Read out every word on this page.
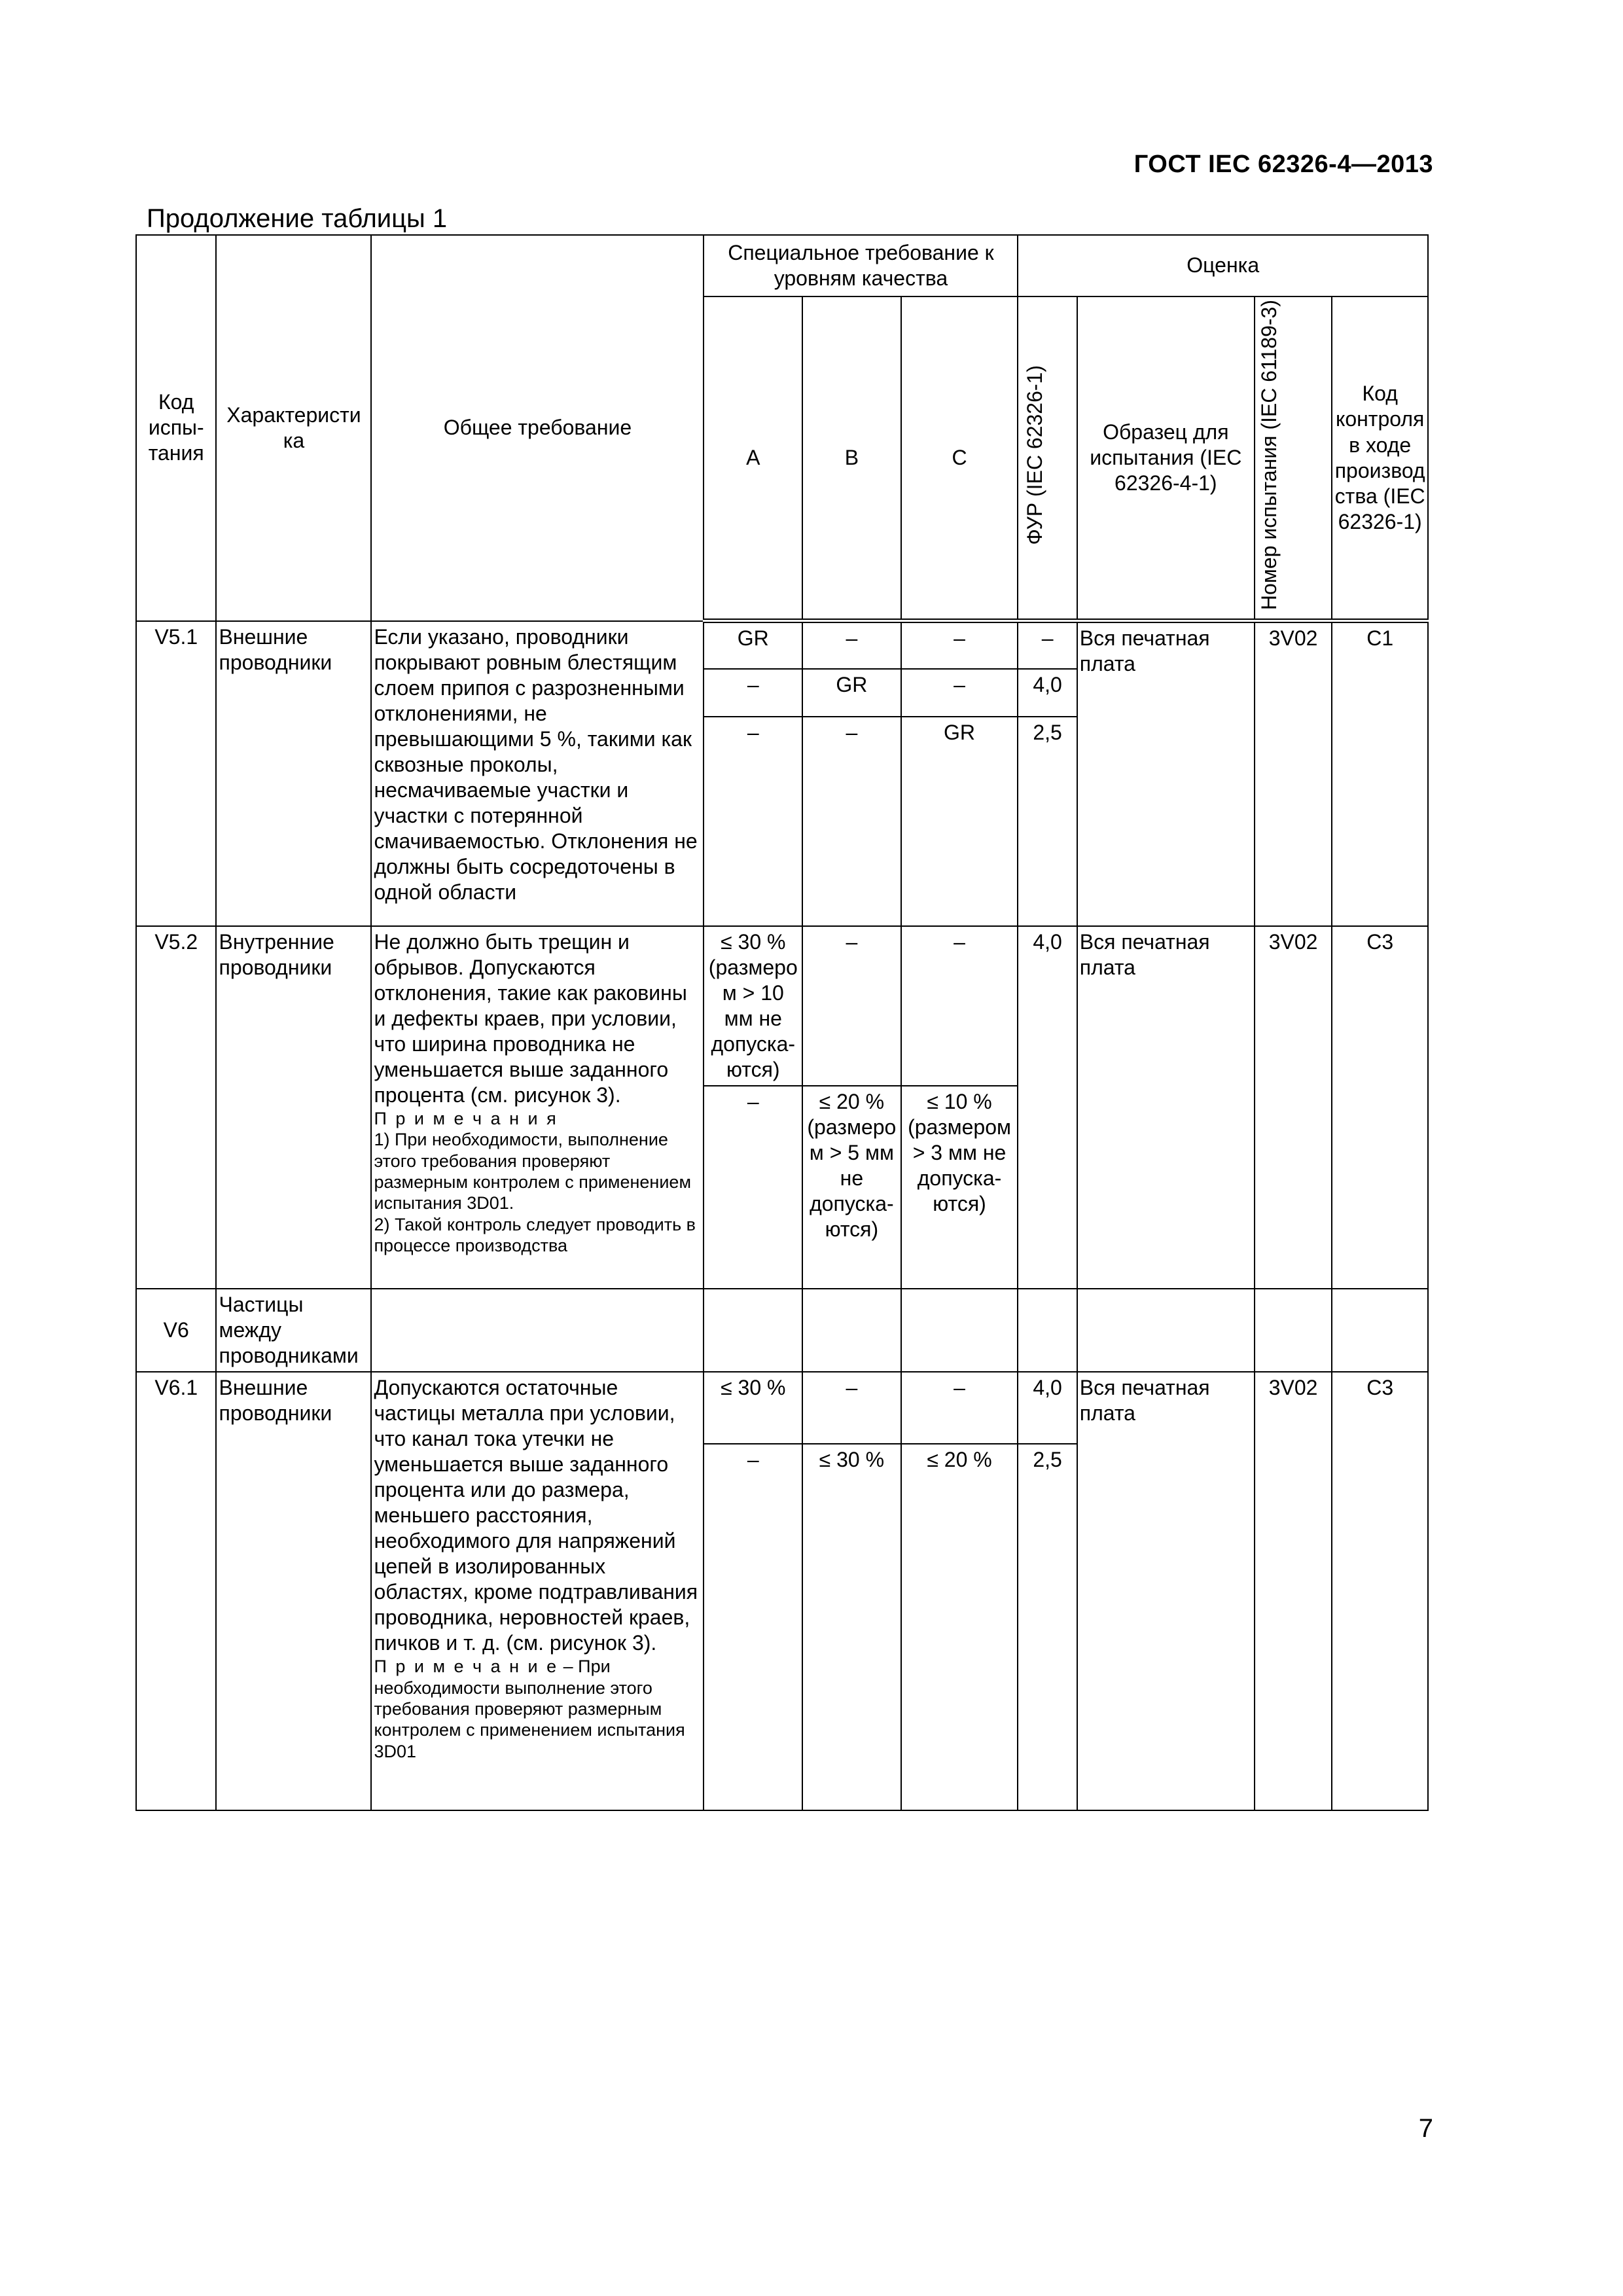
ГОСТ IEC 62326-4—2013
Продолжение таблицы 1
Код испы-тания	Характеристи ка	Общее требование	Специальное требование к уровням качества			Оценка			
			A	B	C	ФУР (IEC 62326-1)	Образец для испытания (IEC 62326-4-1)	Номер испытания (IEC 61189-3)	Код контроля в ходе производ ства (IEC 62326-1)
V5.1	Внешние проводники	Если указано, проводники покрывают ровным блестящим слоем припоя с разрозненными отклонениями, не превышающими 5 %, такими как сквозные проколы, несмачиваемые участки и участки с потерянной смачиваемостью. Отклонения не должны быть сосредоточены в одной области	GR	–	–	–	Вся печатная плата	3V02	C1
			–	GR	–	4,0			
			–	–	GR	2,5			
V5.2	Внутренние проводники	Не должно быть трещин и обрывов. Допускаются отклонения, такие как раковины и дефекты краев, при условии, что ширина проводника не уменьшается выше заданного процента (см. рисунок 3).
П р и м е ч а н и я
1) При необходимости, выполнение этого требования проверяют размерным контролем с применением испытания 3D01.
2) Такой контроль следует проводить в процессе производства	≤ 30 % (размеро м > 10 мм не допуска-ются)	–	–	4,0	Вся печатная плата	3V02	C3
			–	≤ 20 % (размеро м > 5 мм не допуска-ются)	≤ 10 % (размером > 3 мм не допуска-ются)				
V6	Частицы между проводниками								
V6.1	Внешние проводники	Допускаются остаточные частицы металла при условии, что канал тока утечки не уменьшается выше заданного процента или до размера, меньшего расстояния, необходимого для напряжений цепей в изолированных областях, кроме подтравливания проводника, неровностей краев, пичков и т. д. (см. рисунок 3).
П р и м е ч а н и е – При необходимости выполнение этого требования проверяют размерным контролем с применением испытания 3D01	≤ 30 %	–	–	4,0	Вся печатная плата	3V02	C3
			–	≤ 30 %	≤ 20 %	2,5			
7
